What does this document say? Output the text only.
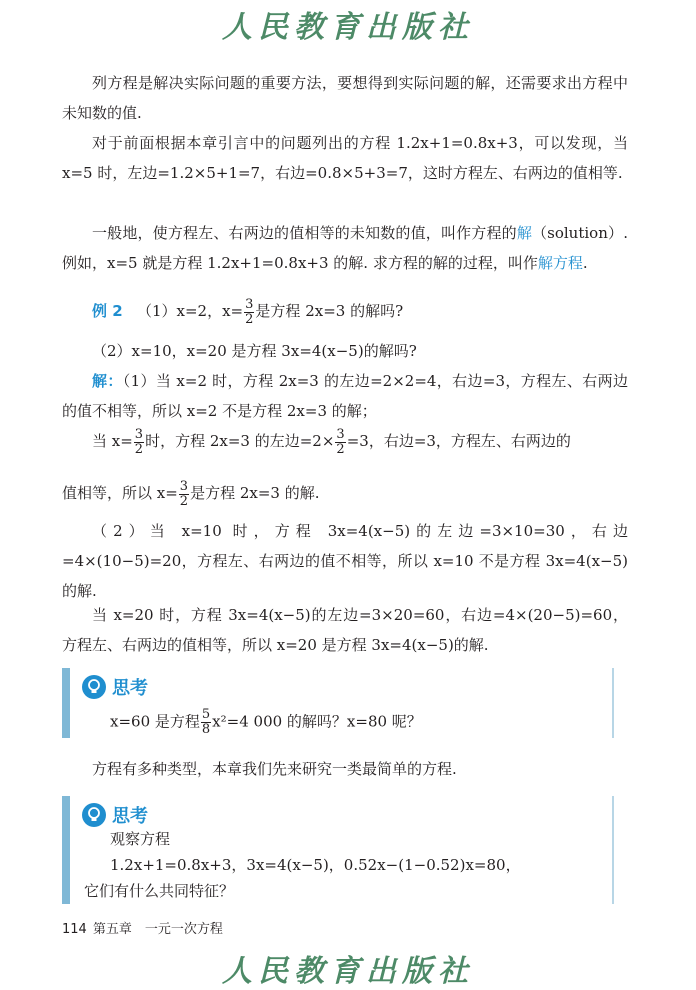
人民教育出版社
列方程是解决实际问题的重要方法，要想得到实际问题的解，还需要求出方程中未知数的值.
对于前面根据本章引言中的问题列出的方程 1.2x+1=0.8x+3，可以发现，当 x=5 时，左边=1.2×5+1=7，右边=0.8×5+3=7，这时方程左、右两边的值相等.
一般地，使方程左、右两边的值相等的未知数的值，叫作方程的解（solution）. 例如，x=5 就是方程 1.2x+1=0.8x+3 的解. 求方程的解的过程，叫作解方程.
例 2 （1）x=2，$x= \frac{3}{2}$ 是方程 2x=3 的解吗?
（2）x=10，x=20 是方程 3x=4(x−5)的解吗?
解：（1）当 x=2 时，方程 2x=3 的左边=2×2=4，右边=3，方程左、右两边的值不相等，所以 x=2 不是方程 2x=3 的解；
当 $x= \frac{3}{2}$ 时，方程 2x=3 的左边$=2\times \frac{3}{2} =3$，右边=3，方程左、右两边的
值相等，所以 $x= \frac{3}{2}$ 是方程 2x=3 的解.
（2）当 x=10 时，方程 3x=4(x−5)的左边=3×10=30，右边=4×(10−5)=20，方程左、右两边的值不相等，所以 x=10 不是方程 3x=4(x−5)的解.
当 x=20 时，方程 3x=4(x−5)的左边=3×20=60，右边=4×(20−5)=60，方程左、右两边的值相等，所以 x=20 是方程 3x=4(x−5)的解.
思考
x=60 是方程 $\frac{5}{8} x^2=4$ 000 的解吗？x=80 呢？
方程有多种类型，本章我们先来研究一类最简单的方程.
思考
观察方程
1.2x+1=0.8x+3，3x=4(x−5)，0.52x−(1−0.52)x=80，
它们有什么共同特征？
114 第五章　一元一次方程
人民教育出版社
